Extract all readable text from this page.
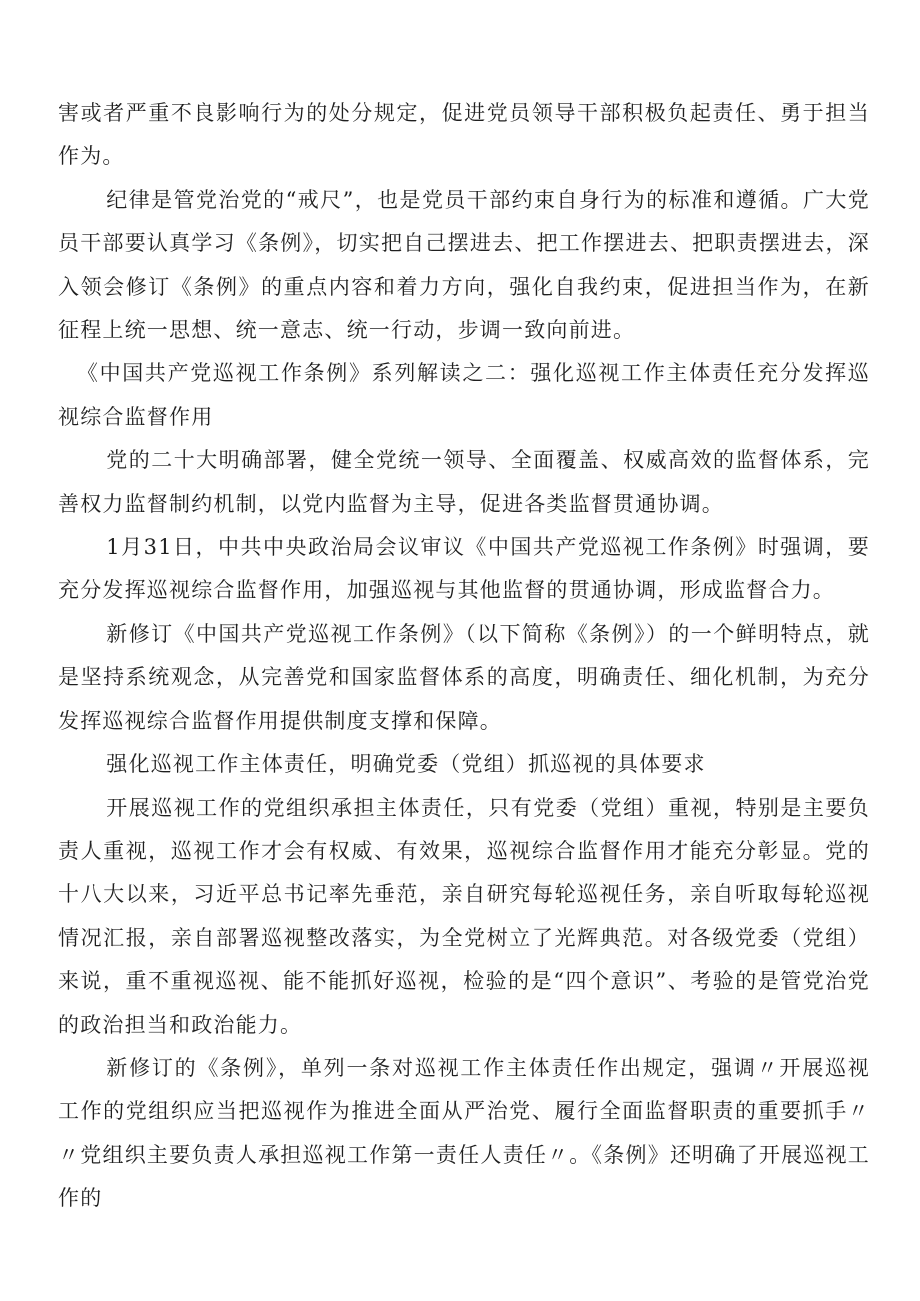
害或者严重不良影响行为的处分规定，促进党员领导干部积极负起责任、勇于担当作为。

纪律是管党治党的“戒尺”，也是党员干部约束自身行为的标准和遵循。广大党员干部要认真学习《条例》，切实把自己摆进去、把工作摆进去、把职责摆进去，深入领会修订《条例》的重点内容和着力方向，强化自我约束，促进担当作为，在新征程上统一思想、统一意志、统一行动，步调一致向前进。

《中国共产党巡视工作条例》系列解读之二：强化巡视工作主体责任充分发挥巡视综合监督作用

党的二十大明确部署，健全党统一领导、全面覆盖、权威高效的监督体系，完善权力监督制约机制，以党内监督为主导，促进各类监督贯通协调。

1月31日，中共中央政治局会议审议《中国共产党巡视工作条例》时强调，要充分发挥巡视综合监督作用，加强巡视与其他监督的贯通协调，形成监督合力。

新修订《中国共产党巡视工作条例》（以下简称《条例》）的一个鲜明特点，就是坚持系统观念，从完善党和国家监督体系的高度，明确责任、细化机制，为充分发挥巡视综合监督作用提供制度支撑和保障。

强化巡视工作主体责任，明确党委（党组）抓巡视的具体要求

开展巡视工作的党组织承担主体责任，只有党委（党组）重视，特别是主要负责人重视，巡视工作才会有权威、有效果，巡视综合监督作用才能充分彰显。党的十八大以来，习近平总书记率先垂范，亲自研究每轮巡视任务，亲自听取每轮巡视情况汇报，亲自部署巡视整改落实，为全党树立了光辉典范。对各级党委（党组）来说，重不重视巡视、能不能抓好巡视，检验的是“四个意识”、考验的是管党治党的政治担当和政治能力。

新修订的《条例》，单列一条对巡视工作主体责任作出规定，强调〃开展巡视工作的党组织应当把巡视作为推进全面从严治党、履行全面监督职责的重要抓手〃〃党组织主要负责人承担巡视工作第一责任人责任〃。《条例》还明确了开展巡视工作的
